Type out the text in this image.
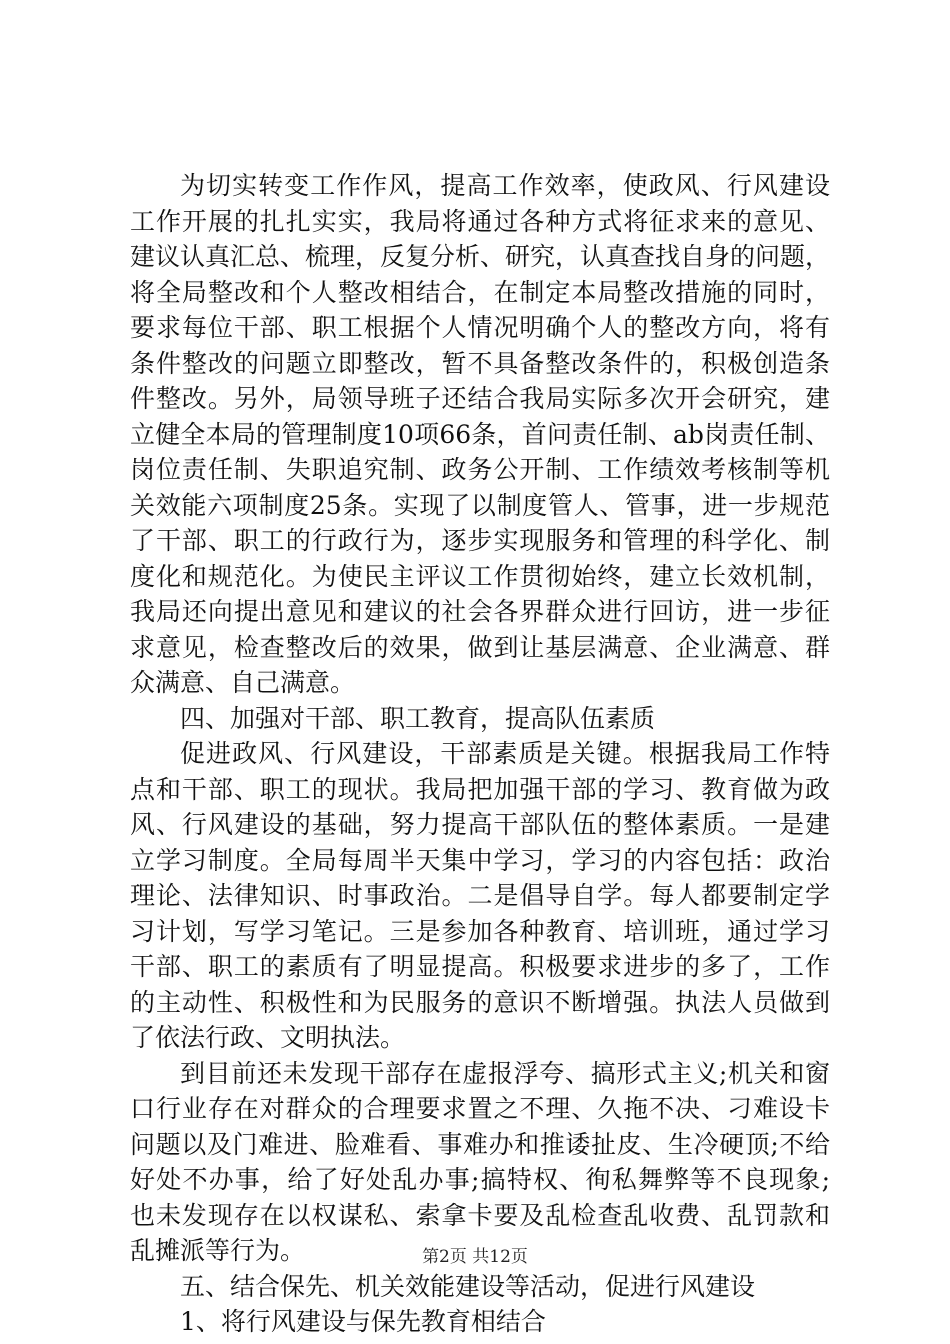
为切实转变工作作风，提高工作效率，使政风、行风建设
工作开展的扎扎实实，我局将通过各种方式将征求来的意见、
建议认真汇总、梳理，反复分析、研究，认真查找自身的问题，
将全局整改和个人整改相结合，在制定本局整改措施的同时，
要求每位干部、职工根据个人情况明确个人的整改方向，将有
条件整改的问题立即整改，暂不具备整改条件的，积极创造条
件整改。另外，局领导班子还结合我局实际多次开会研究，建
立健全本局的管理制度10项66条，首问责任制、ab岗责任制、
岗位责任制、失职追究制、政务公开制、工作绩效考核制等机
关效能六项制度25条。实现了以制度管人、管事，进一步规范
了干部、职工的行政行为，逐步实现服务和管理的科学化、制
度化和规范化。为使民主评议工作贯彻始终，建立长效机制，
我局还向提出意见和建议的社会各界群众进行回访，进一步征
求意见，检查整改后的效果，做到让基层满意、企业满意、群
众满意、自己满意。
四、加强对干部、职工教育，提高队伍素质
促进政风、行风建设，干部素质是关键。根据我局工作特
点和干部、职工的现状。我局把加强干部的学习、教育做为政
风、行风建设的基础，努力提高干部队伍的整体素质。一是建
立学习制度。全局每周半天集中学习，学习的内容包括：政治
理论、法律知识、时事政治。二是倡导自学。每人都要制定学
习计划，写学习笔记。三是参加各种教育、培训班，通过学习
干部、职工的素质有了明显提高。积极要求进步的多了，工作
的主动性、积极性和为民服务的意识不断增强。执法人员做到
了依法行政、文明执法。
到目前还未发现干部存在虚报浮夸、搞形式主义;机关和窗
口行业存在对群众的合理要求置之不理、久拖不决、刁难设卡
问题以及门难进、脸难看、事难办和推诿扯皮、生冷硬顶;不给
好处不办事，给了好处乱办事;搞特权、徇私舞弊等不良现象;
也未发现存在以权谋私、索拿卡要及乱检查乱收费、乱罚款和
乱摊派等行为。
五、结合保先、机关效能建设等活动，促进行风建设
1、将行风建设与保先教育相结合
第2页 共12页
